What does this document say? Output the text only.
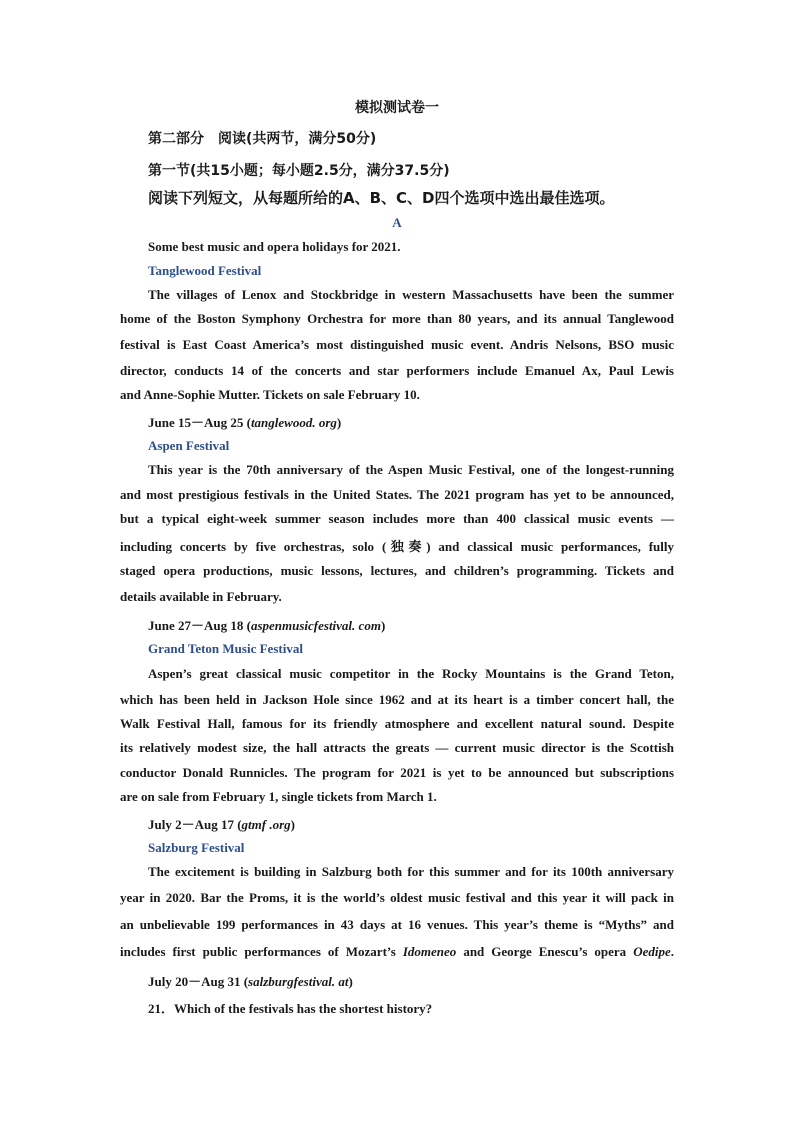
模拟测试卷一
第二部分　阅读(共两节，满分50分)
第一节(共15小题；每小题2.5分，满分37.5分)
阅读下列短文，从每题所给的A、B、C、D四个选项中选出最佳选项。
A
Some best music and opera holidays for 2021.
Tanglewood Festival
The villages of Lenox and Stockbridge in western Massachusetts have been the summer
home of the Boston Symphony Orchestra for more than 80 years, and its annual Tanglewood
festival is East Coast America’s most distinguished music event. Andris Nelsons, BSO music
director, conducts 14 of the concerts and star performers include Emanuel Ax, Paul Lewis
and Anne-Sophie Mutter. Tickets on sale February 10.
June 15－Aug 25 (tanglewood. org)
Aspen Festival
This year is the 70th anniversary of the Aspen Music Festival, one of the longest-running
and most prestigious festivals in the United States. The 2021 program has yet to be announced,
but a typical eight-week summer season includes more than 400 classical music events —
including concerts by five orchestras, solo (独奏) and classical music performances, fully
staged opera productions, music lessons, lectures, and children’s programming. Tickets and
details available in February.
June 27－Aug 18 (aspenmusicfestival. com)
Grand Teton Music Festival
Aspen’s great classical music competitor in the Rocky Mountains is the Grand Teton,
which has been held in Jackson Hole since 1962 and at its heart is a timber concert hall, the
Walk Festival Hall, famous for its friendly atmosphere and excellent natural sound. Despite
its relatively modest size, the hall attracts the greats — current music director is the Scottish
conductor Donald Runnicles. The program for 2021 is yet to be announced but subscriptions
are on sale from February 1, single tickets from March 1.
July 2－Aug 17 (gtmf .org)
Salzburg Festival
The excitement is building in Salzburg both for this summer and for its 100th anniversary
year in 2020. Bar the Proms, it is the world’s oldest music festival and this year it will pack in
an unbelievable 199 performances in 43 days at 16 venues. This year’s theme is “Myths” and
includes first public performances of Mozart’s Idomeneo and George Enescu’s opera Oedipe.
July 20－Aug 31 (salzburgfestival. at)
21．Which of the festivals has the shortest history?
